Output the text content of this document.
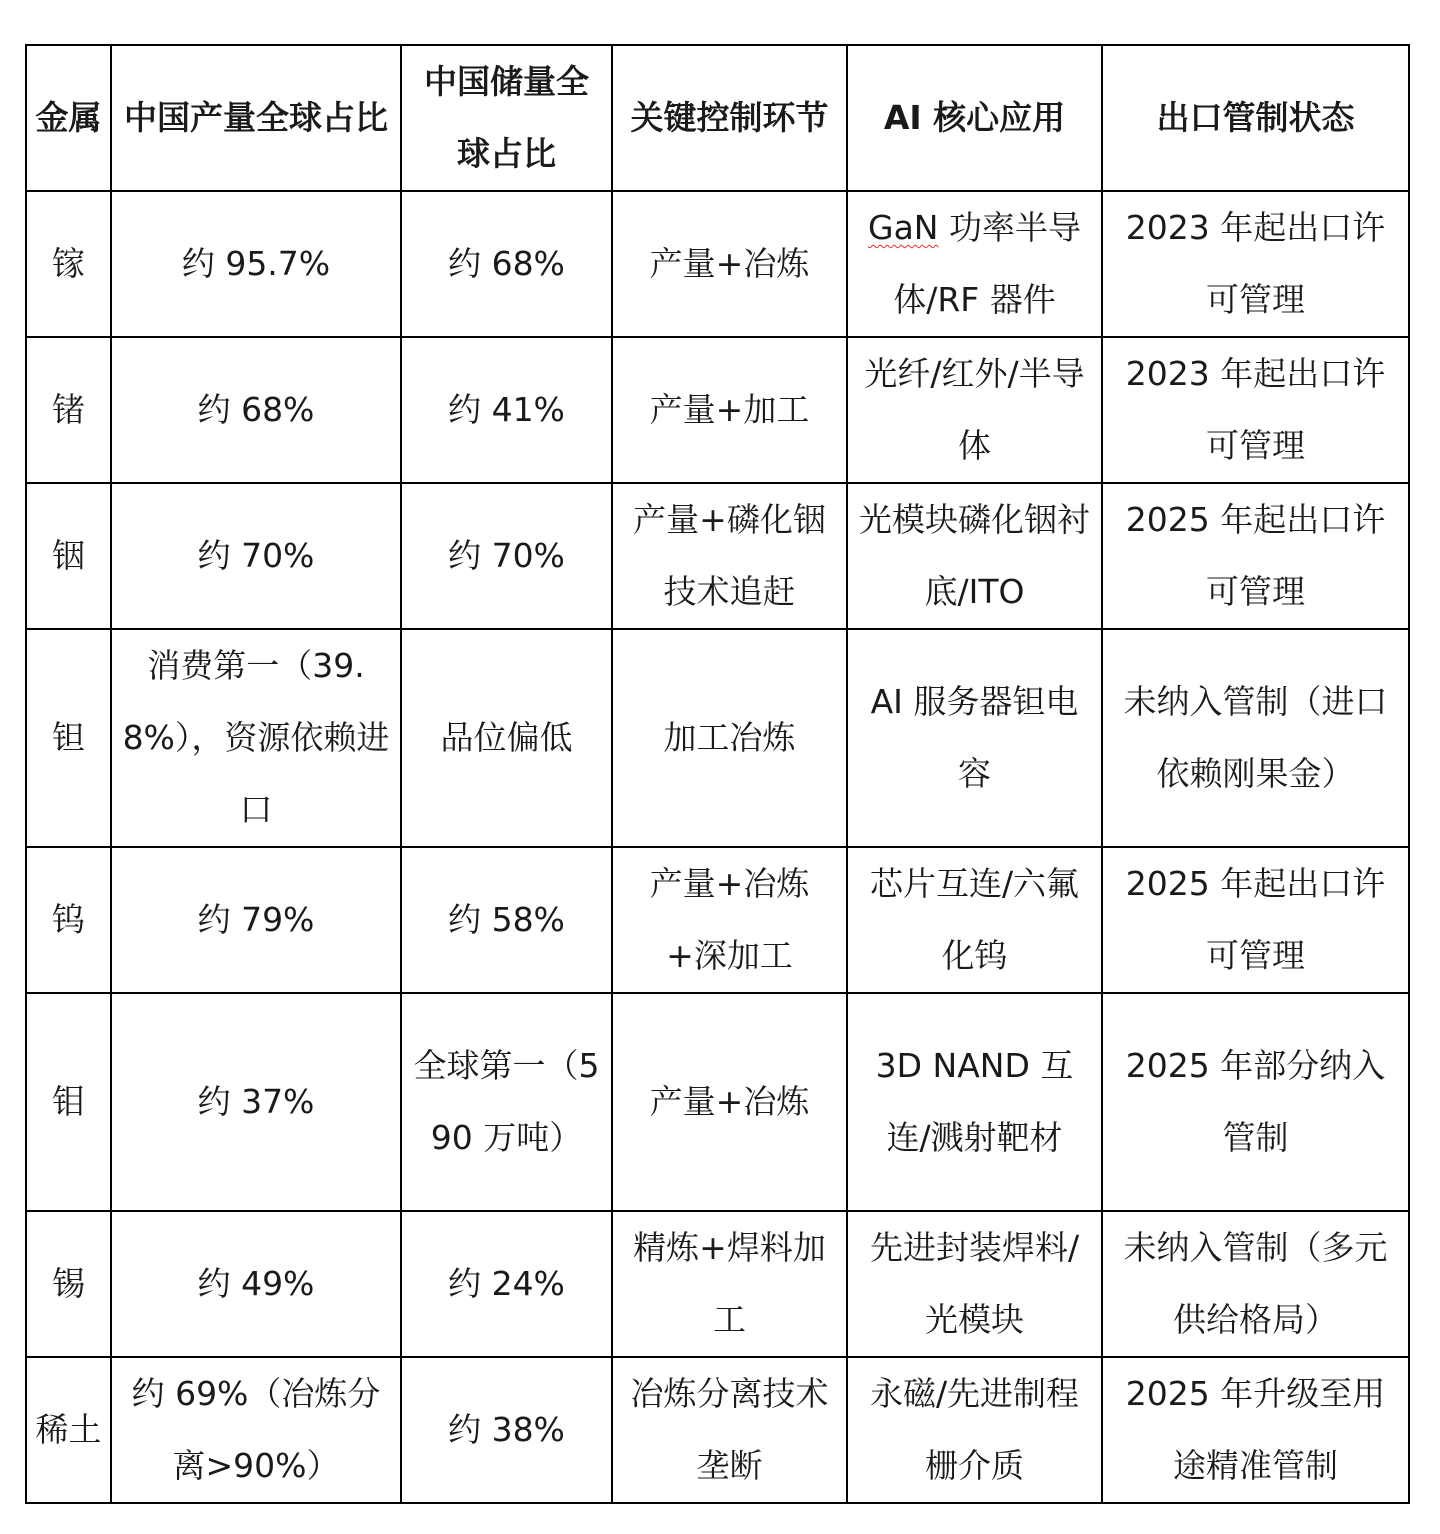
金属	中国产量全球占比	中国储量全球占比	关键控制环节	AI 核心应用	出口管制状态
镓	约 95.7%	约 68%	产量+冶炼	GaN 功率半导体/RF 器件	2023 年起出口许可管理
锗	约 68%	约 41%	产量+加工	光纤/红外/半导体	2023 年起出口许可管理
铟	约 70%	约 70%	产量+磷化铟技术追赶	光模块磷化铟衬底/ITO	2025 年起出口许可管理
钽	消费第一（39.8%），资源依赖进口	品位偏低	加工冶炼	AI 服务器钽电容	未纳入管制（进口依赖刚果金）
钨	约 79%	约 58%	产量+冶炼+深加工	芯片互连/六氟化钨	2025 年起出口许可管理
钼	约 37%	全球第一（590 万吨）	产量+冶炼	3D NAND 互连/溅射靶材	2025 年部分纳入管制
锡	约 49%	约 24%	精炼+焊料加工	先进封装焊料/光模块	未纳入管制（多元供给格局）
稀土	约 69%（冶炼分离>90%）	约 38%	冶炼分离技术垄断	永磁/先进制程栅介质	2025 年升级至用途精准管制
